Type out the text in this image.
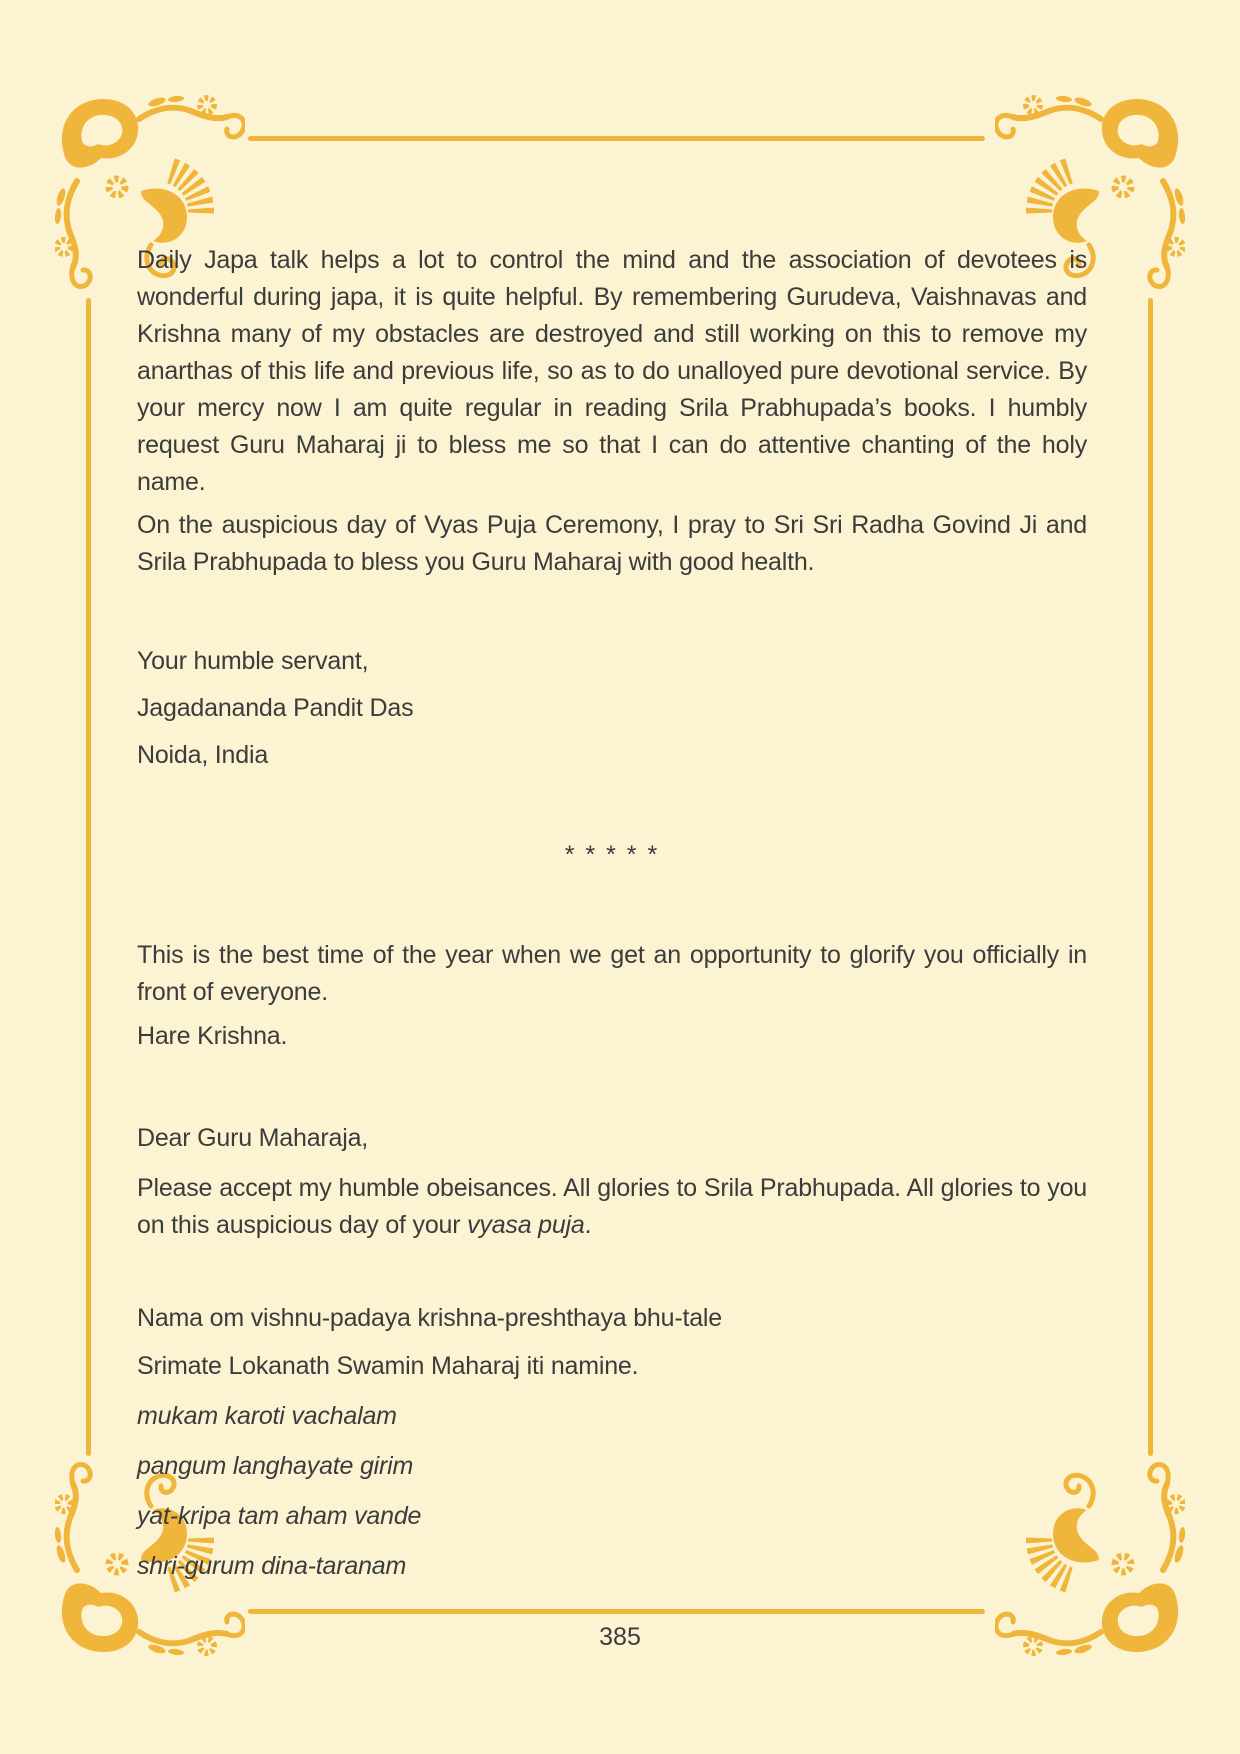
Daily Japa talk helps a lot to control the mind and the association of devotees is wonderful during japa, it is quite helpful. By remembering Gurudeva, Vaishnavas and Krishna many of my obstacles are destroyed and still working on this to remove my anarthas of this life and previous life, so as to do unalloyed pure devotional service. By your mercy now I am quite regular in reading Srila Prabhupada’s books. I humbly request Guru Maharaj ji to bless me so that I can do attentive chanting of the holy name.

On the auspicious day of Vyas Puja Ceremony, I pray to Sri Sri Radha Govind Ji and Srila Prabhupada to bless you Guru Maharaj with good health.

Your humble servant,

Jagadananda Pandit Das

Noida, India

* * * * *

This is the best time of the year when we get an opportunity to glorify you officially in front of everyone.

Hare Krishna.

Dear Guru Maharaja,

Please accept my humble obeisances. All glories to Srila Prabhupada. All glories to you on this auspicious day of your vyasa puja.

Nama om vishnu-padaya krishna-preshthaya bhu-tale

Srimate Lokanath Swamin Maharaj iti namine.

mukam karoti vachalam

pangum langhayate girim

yat-kripa tam aham vande

shri-gurum dina-taranam

385
